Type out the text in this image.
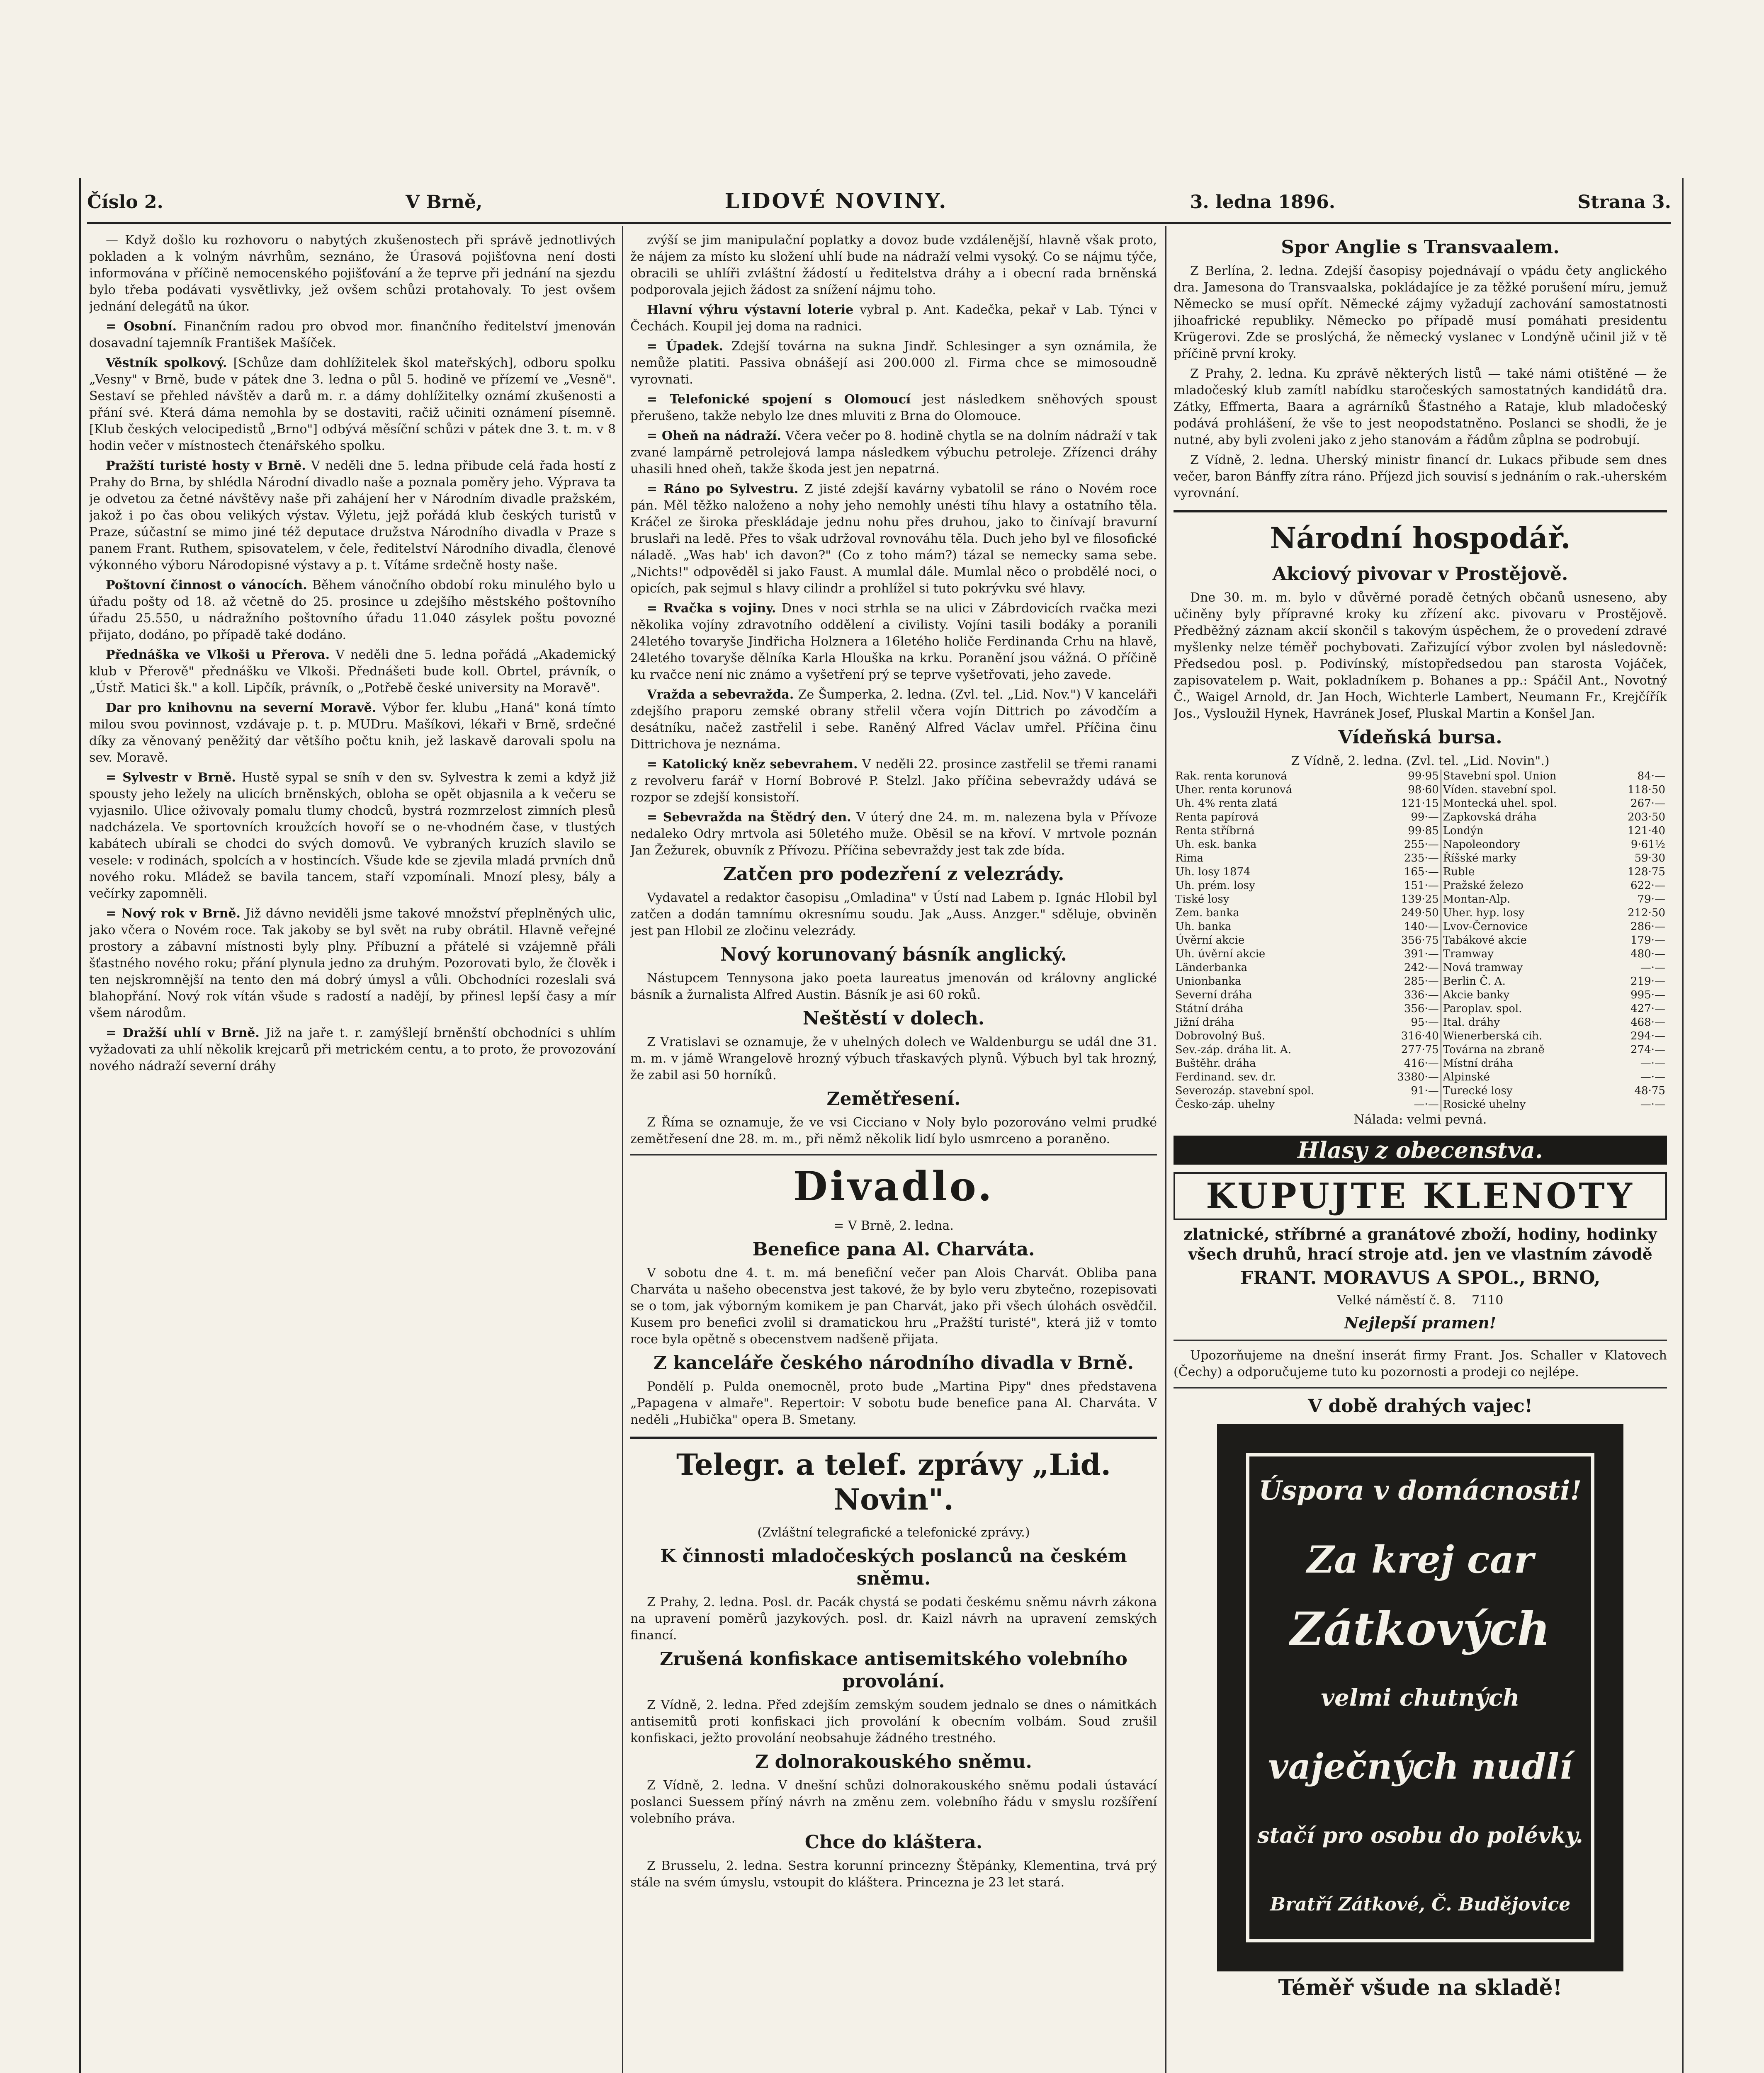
Číslo 2.	V Brně,	LIDOVÉ NOVINY.	3. ledna 1896.	Strana 3.

— Když došlo ku rozhovoru o nabytých zkušenostech při správě jednotlivých pokladen a k volným návrhům, seznáno, že Úrasová pojišťovna není dosti informována v příčině nemocenského pojišťování a že teprve při jednání na sjezdu bylo třeba podávati vysvětlivky, jež ovšem schůzi protahovaly. To jest ovšem jednání delegátů na úkor.

= Osobní. Finančním radou pro obvod mor. finančního ředitelství jmenován dosavadní tajemník František Mašíček.

Věstník spolkový. [Schůze dam dohlížitelek škol mateřských], odboru spolku „Vesny" v Brně, bude v pátek dne 3. ledna o půl 5. hodině ve přízemí ve „Vesně". Sestaví se přehled návštěv a darů m. r. a dámy dohlížitelky oznámí zkušenosti a přání své. Která dáma nemohla by se dostaviti, račiž učiniti oznámení písemně. [Klub českých velocipedistů „Brno"] odbývá měsíční schůzi v pátek dne 3. t. m. v 8 hodin večer v místnostech čtenářského spolku.

Pražští turisté hosty v Brně. V neděli dne 5. ledna přibude celá řada hostí z Prahy do Brna, by shlédla Národní divadlo naše a poznala poměry jeho. Výprava ta je odvetou za četné návštěvy naše při zahájení her v Národním divadle pražském, jakož i po čas obou velikých výstav. Výletu, jejž pořádá klub českých turistů v Praze, súčastní se mimo jiné též deputace družstva Národního divadla v Praze s panem Frant. Ruthem, spisovatelem, v čele, ředitelství Národního divadla, členové výkonného výboru Národopisné výstavy a p. t. Vítáme srdečně hosty naše.

Poštovní činnost o vánocích. Během vánočního období roku minulého bylo u úřadu pošty od 18. až včetně do 25. prosince u zdejšího městského poštovního úřadu 25.550, u nádražního poštovního úřadu 11.040 zásylek poštu povozné přijato, dodáno, po případě také dodáno.

Přednáška ve Vlkoši u Přerova. V neděli dne 5. ledna pořádá „Akademický klub v Přerově" přednášku ve Vlkoši. Přednášeti bude koll. Obrtel, právník, o „Ústř. Matici šk." a koll. Lipčík, právník, o „Potřebě české university na Moravě".

Dar pro knihovnu na severní Moravě. Výbor fer. klubu „Haná" koná tímto milou svou povinnost, vzdávaje p. t. p. MUDru. Mašíkovi, lékaři v Brně, srdečné díky za věnovaný peněžitý dar většího počtu knih, jež laskavě darovali spolu na sev. Moravě.

= Sylvestr v Brně. Hustě sypal se sníh v den sv. Sylvestra k zemi a když již spousty jeho ležely na ulicích brněnských, obloha se opět objasnila a k večeru se vyjasnilo. Ulice oživovaly pomalu tlumy chodců, bystrá rozmrzelost zimních plesů nadcházela. Ve sportovních kroužcích hovoří se o ne-vhodném čase, v tlustých kabátech ubírali se chodci do svých domovů. Ve vybraných kruzích slavilo se vesele: v rodinách, spolcích a v hostincích. Všude kde se zjevila mladá prvních dnů nového roku. Mládež se bavila tancem, staří vzpomínali. Mnozí plesy, bály a večírky zapomněli.

= Nový rok v Brně. Již dávno neviděli jsme takové množství přeplněných ulic, jako včera o Novém roce. Tak jakoby se byl svět na ruby obrátil. Hlavně veřejné prostory a zábavní místnosti byly plny. Příbuzní a přátelé si vzájemně přáli šťastného nového roku; přání plynula jedno za druhým. Pozorovati bylo, že člověk i ten nejskromnější na tento den má dobrý úmysl a vůli. Obchodníci rozeslali svá blahopřání. Nový rok vítán všude s radostí a nadějí, by přinesl lepší časy a mír všem národům.

= Dražší uhlí v Brně. Již na jaře t. r. zamýšlejí brněnští obchodníci s uhlím vyžadovati za uhlí několik krejcarů při metrickém centu, a to proto, že provozování nového nádraží severní dráhy

zvýší se jim manipulační poplatky a dovoz bude vzdálenější, hlavně však proto, že nájem za místo ku složení uhlí bude na nádraží velmi vysoký. Co se nájmu týče, obracili se uhlíři zvláštní žádostí u ředitelstva dráhy a i obecní rada brněnská podporovala jejich žádost za snížení nájmu toho.

Hlavní výhru výstavní loterie vybral p. Ant. Kadečka, pekař v Lab. Týnci v Čechách. Koupil jej doma na radnici.

= Úpadek. Zdejší továrna na sukna Jindř. Schlesinger a syn oznámila, že nemůže platiti. Passiva obnášejí asi 200.000 zl. Firma chce se mimosoudně vyrovnati.

= Telefonické spojení s Olomoucí jest následkem sněhových spoust přerušeno, takže nebylo lze dnes mluviti z Brna do Olomouce.

= Oheň na nádraží. Včera večer po 8. hodině chytla se na dolním nádraží v tak zvané lampárně petrolejová lampa následkem výbuchu petroleje. Zřízenci dráhy uhasili hned oheň, takže škoda jest jen nepatrná.

= Ráno po Sylvestru. Z jisté zdejší kavárny vybatolil se ráno o Novém roce pán. Měl těžko naloženo a nohy jeho nemohly unésti tíhu hlavy a ostatního těla. Kráčel ze široka přeskládaje jednu nohu přes druhou, jako to činívají bravurní bruslaři na ledě. Přes to však udržoval rovnováhu těla. Duch jeho byl ve filosofické náladě. „Was hab' ich davon?" (Co z toho mám?) tázal se nemecky sama sebe. „Nichts!" odpověděl si jako Faust. A mumlal dále. Mumlal něco o probdělé noci, o opicích, pak sejmul s hlavy cilindr a prohlížel si tuto pokrývku své hlavy.

= Rvačka s vojiny. Dnes v noci strhla se na ulici v Zábrdovicích rvačka mezi několika vojíny zdravotního oddělení a civilisty. Vojíni tasili bodáky a poranili 24letého tovaryše Jindřicha Holznera a 16letého holiče Ferdinanda Crhu na hlavě, 24letého tovaryše dělníka Karla Hlouška na krku. Poranění jsou vážná. O příčině ku rvačce není nic známo a vyšetření prý se teprve vyšetřovati, jeho zavede.

Vražda a sebevražda. Ze Šumperka, 2. ledna. (Zvl. tel. „Lid. Nov.") V kanceláři zdejšího praporu zemské obrany střelil včera vojín Dittrich po závodčím a desátníku, načež zastřelil i sebe. Raněný Alfred Václav umřel. Příčina činu Dittrichova je neznáma.

= Katolický kněz sebevrahem. V neděli 22. prosince zastřelil se třemi ranami z revolveru farář v Horní Bobrové P. Stelzl. Jako příčina sebevraždy udává se rozpor se zdejší konsistoří.

= Sebevražda na Štědrý den. V úterý dne 24. m. m. nalezena byla v Přívoze nedaleko Odry mrtvola asi 50letého muže. Oběsil se na křoví. V mrtvole poznán Jan Žežurek, obuvník z Přívozu. Příčina sebevraždy jest tak zde bída.

Zatčen pro podezření z velezrády.

Vydavatel a redaktor časopisu „Omladina" v Ústí nad Labem p. Ignác Hlobil byl zatčen a dodán tamnímu okresnímu soudu. Jak „Auss. Anzger." sděluje, obviněn jest pan Hlobil ze zločinu velezrády.

Nový korunovaný básník anglický.

Nástupcem Tennysona jako poeta laureatus jmenován od královny anglické básník a žurnalista Alfred Austin. Básník je asi 60 roků.

Neštěstí v dolech.

Z Vratislavi se oznamuje, že v uhelných dolech ve Waldenburgu se udál dne 31. m. m. v jámě Wrangelově hrozný výbuch třaskavých plynů. Výbuch byl tak hrozný, že zabil asi 50 horníků.

Zemětřesení.

Z Říma se oznamuje, že ve vsi Cicciano v Noly bylo pozorováno velmi prudké zemětřesení dne 28. m. m., při němž několik lidí bylo usmrceno a poraněno.

Divadlo.
= V Brně, 2. ledna.
Benefice pana Al. Charváta.

V sobotu dne 4. t. m. má benefiční večer pan Alois Charvát. Obliba pana Charváta u našeho obecenstva jest takové, že by bylo veru zbytečno, rozepisovati se o tom, jak výborným komikem je pan Charvát, jako při všech úlohách osvědčil. Kusem pro benefici zvolil si dramatickou hru „Pražští turisté", která již v tomto roce byla opětně s obecenstvem nadšeně přijata.

Z kanceláře českého národního divadla v Brně.

Pondělí p. Pulda onemocněl, proto bude „Martina Pipy" dnes představena „Papagena v almaře". Repertoir: V sobotu bude benefice pana Al. Charváta. V neděli „Hubička" opera B. Smetany.

Telegr. a telef. zprávy „Lid. Novin".
(Zvláštní telegrafické a telefonické zprávy.)
K činnosti mladočeských poslanců na českém sněmu.

Z Prahy, 2. ledna. Posl. dr. Pacák chystá se podati českému sněmu návrh zákona na upravení poměrů jazykových. posl. dr. Kaizl návrh na upravení zemských financí.

Zrušená konfiskace antisemitského volebního provolání.

Z Vídně, 2. ledna. Před zdejším zemským soudem jednalo se dnes o námitkách antisemitů proti konfiskaci jich provolání k obecním volbám. Soud zrušil konfiskaci, ježto provolání neobsahuje žádného trestného.

Z dolnorakouského sněmu.

Z Vídně, 2. ledna. V dnešní schůzi dolnorakouského sněmu podali ústavácí poslanci Suessem příný návrh na změnu zem. volebního řádu v smyslu rozšíření volebního práva.

Chce do kláštera.

Z Brusselu, 2. ledna. Sestra korunní princezny Štěpánky, Klementina, trvá prý stále na svém úmyslu, vstoupit do kláštera. Princezna je 23 let stará.

Spor Anglie s Transvaalem.

Z Berlína, 2. ledna. Zdejší časopisy pojednávají o vpádu čety anglického dra. Jamesona do Transvaalska, pokládajíce je za těžké porušení míru, jemuž Německo se musí opřít. Německé zájmy vyžadují zachování samostatnosti jihoafrické republiky. Německo po případě musí pomáhati presidentu Krügerovi. Zde se proslýchá, že německý vyslanec v Londýně učinil již v tě příčině první kroky.

Z Prahy, 2. ledna. Ku zprávě některých listů — také námi otištěné — že mladočeský klub zamítl nabídku staročeských samostatných kandidátů dra. Zátky, Effmerta, Baara a agrárníků Šťastného a Rataje, klub mladočeský podává prohlášení, že vše to jest neopodstatněno. Poslanci se shodli, že je nutné, aby byli zvoleni jako z jeho stanovám a řádům zůplna se podrobují.

Z Vídně, 2. ledna. Uherský ministr financí dr. Lukacs přibude sem dnes večer, baron Bánffy zítra ráno. Příjezd jich souvisí s jednáním o rak.-uherském vyrovnání.

Národní hospodář.
Akciový pivovar v Prostějově.

Dne 30. m. m. bylo v důvěrné poradě četných občanů usneseno, aby učiněny byly přípravné kroky ku zřízení akc. pivovaru v Prostějově. Předběžný záznam akcií skončil s takovým úspěchem, že o provedení zdravé myšlenky nelze téměř pochybovati. Zařizující výbor zvolen byl následovně: Předsedou posl. p. Podivínský, místopředsedou pan starosta Vojáček, zapisovatelem p. Wait, pokladníkem p. Bohanes a pp.: Spáčil Ant., Novotný Č., Waigel Arnold, dr. Jan Hoch, Wichterle Lambert, Neumann Fr., Krejčířík Jos., Vysloužil Hynek, Havránek Josef, Pluskal Martin a Konšel Jan.

Vídeňská bursa.
Z Vídně, 2. ledna. (Zvl. tel. „Lid. Novin".)
Rak. renta korunová	99·95	Stavební spol. Union	84·—
Uher. renta korunová	98·60	Víden. stavební spol.	118·50
Uh. 4% renta zlatá	121·15	Montecká uhel. spol.	267·—
Renta papírová	99·—	Zapkovská dráha	203·50
Renta stříbrná	99·85	Londýn	121·40
Uh. esk. banka	255·—	Napoleondory	9·61½
Rima	235·—	Říšské marky	59·30
Uh. losy 1874	165·—	Ruble	128·75
Uh. prém. losy	151·—	Pražské železo	622·—
Tiské losy	139·25	Montan-Alp.	79·—
Zem. banka	249·50	Uher. hyp. losy	212·50
Uh. banka	140·—	Lvov-Černovice	286·—
Úvěrní akcie	356·75	Tabákové akcie	179·—
Uh. úvěrní akcie	391·—	Tramway	480·—
Länderbanka	242·—	Nová tramway	—·—
Unionbanka	285·—	Berlin Č. A.	219·—
Severní dráha	336·—	Akcie banky	995·—
Státní dráha	356·—	Paroplav. spol.	427·—
Jižní dráha	95·—	Ital. dráhy	468·—
Dobrovolný Buš.	316·40	Wienerberská cih.	294·—
Sev.-záp. dráha lit. A.	277·75	Továrna na zbraně	274·—
Buštěhr. dráha	416·—	Místní dráha	—·—
Ferdinand. sev. dr.	3380·—	Alpinské	—·—
Severozáp. stavební spol.	91·—	Turecké losy	48·75
Česko-záp. uhelny	—·—	Rosické uhelny	—·—
Nálada: velmi pevná.
Hlasy z obecenstva.
KUPUJTE KLENOTY
zlatnické, stříbrné a granátové zboží, hodiny, hodinky všech druhů, hrací stroje atd. jen ve vlastním závodě
FRANT. MORAVUS A SPOL., BRNO,
Velké náměstí č. 8. 7110
Nejlepší pramen!

Upozorňujeme na dnešní inserát firmy Frant. Jos. Schaller v Klatovech (Čechy) a odporučujeme tuto ku pozornosti a prodeji co nejlépe.

V době drahých vajec!
Úspora v domácnosti!
Za krej car
Zátkových
velmi chutných
vaječných nudlí
stačí pro osobu do polévky.
Bratří Zátkové, Č. Budějovice
Téměř všude na skladě!
